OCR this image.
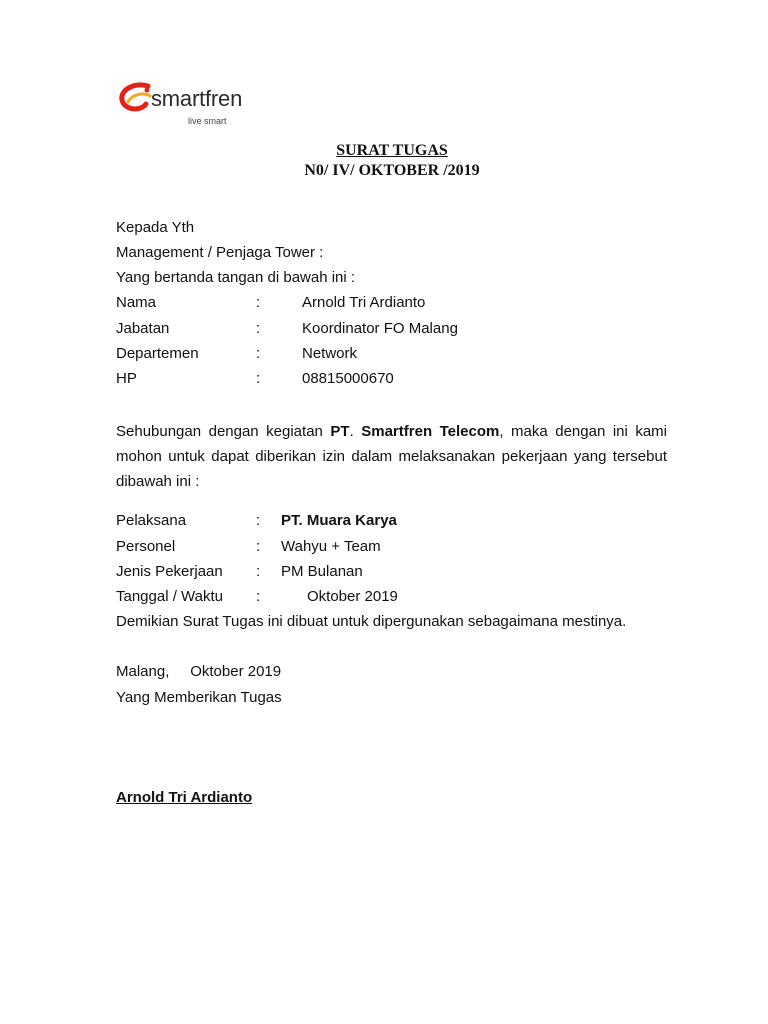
smartfren
live smart
SURAT TUGAS
N0/ IV/ OKTOBER /2019
Kepada Yth
Management / Penjaga Tower :
Yang bertanda tangan di bawah ini :
Nama	:	Arnold Tri Ardianto
Jabatan	:	Koordinator FO Malang
Departemen	:	Network
HP	:	08815000670
Sehubungan dengan kegiatan PT. Smartfren Telecom, maka dengan ini kami mohon untuk dapat diberikan izin dalam melaksanakan pekerjaan yang tersebut dibawah ini :
Pelaksana	: PT. Muara Karya
Personel	: Wahyu + Team
Jenis Pekerjaan : PM Bulanan
Tanggal / Waktu :	Oktober 2019
Demikian Surat Tugas ini dibuat untuk dipergunakan sebagaimana mestinya.
Malang,     Oktober 2019
Yang Memberikan Tugas
Arnold Tri Ardianto
